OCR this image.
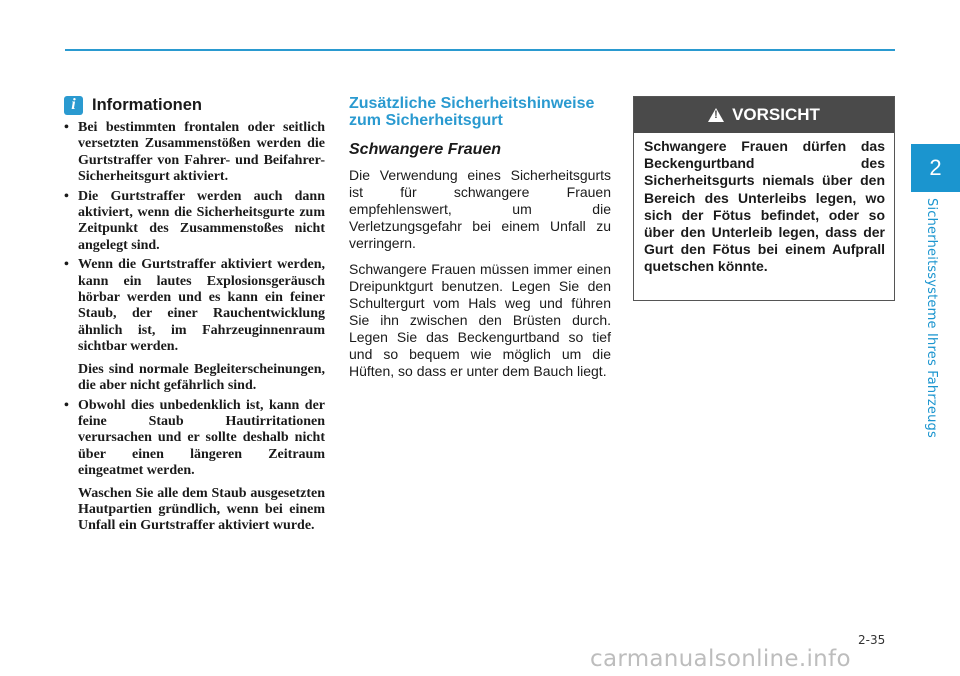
2
Sicherheitssysteme Ihres Fahrzeugs
i Informationen
• Bei bestimmten frontalen oder seitlich versetzten Zusammenstößen werden die Gurtstraffer von Fahrer- und Beifahrer-Sicherheitsgurt aktiviert.
• Die Gurtstraffer werden auch dann aktiviert, wenn die Sicherheitsgurte zum Zeitpunkt des Zusammenstoßes nicht angelegt sind.
• Wenn die Gurtstraffer aktiviert werden, kann ein lautes Explosionsgeräusch hörbar werden und es kann ein feiner Staub, der einer Rauchentwicklung ähnlich ist, im Fahrzeuginnenraum sichtbar werden.
Dies sind normale Begleiterscheinungen, die aber nicht gefährlich sind.
• Obwohl dies unbedenklich ist, kann der feine Staub Hautirritationen verursachen und er sollte deshalb nicht über einen längeren Zeitraum eingeatmet werden.
Waschen Sie alle dem Staub ausgesetzten Hautpartien gründlich, wenn bei einem Unfall ein Gurtstraffer aktiviert wurde.
Zusätzliche Sicherheitshinweise zum Sicherheitsgurt
Schwangere Frauen
Die Verwendung eines Sicherheitsgurts ist für schwangere Frauen empfehlenswert, um die Verletzungsgefahr bei einem Unfall zu verringern.
Schwangere Frauen müssen immer einen Dreipunktgurt benutzen. Legen Sie den Schultergurt vom Hals weg und führen Sie ihn zwischen den Brüsten durch. Legen Sie das Beckengurtband so tief und so bequem wie möglich um die Hüften, so dass er unter dem Bauch liegt.
! VORSICHT
Schwangere Frauen dürfen das Beckengurtband des Sicherheitsgurts niemals über den Bereich des Unterleibs legen, wo sich der Fötus befindet, oder so über den Unterleib legen, dass der Gurt den Fötus bei einem Aufprall quetschen könnte.
2-35
carmanualsonline.info
